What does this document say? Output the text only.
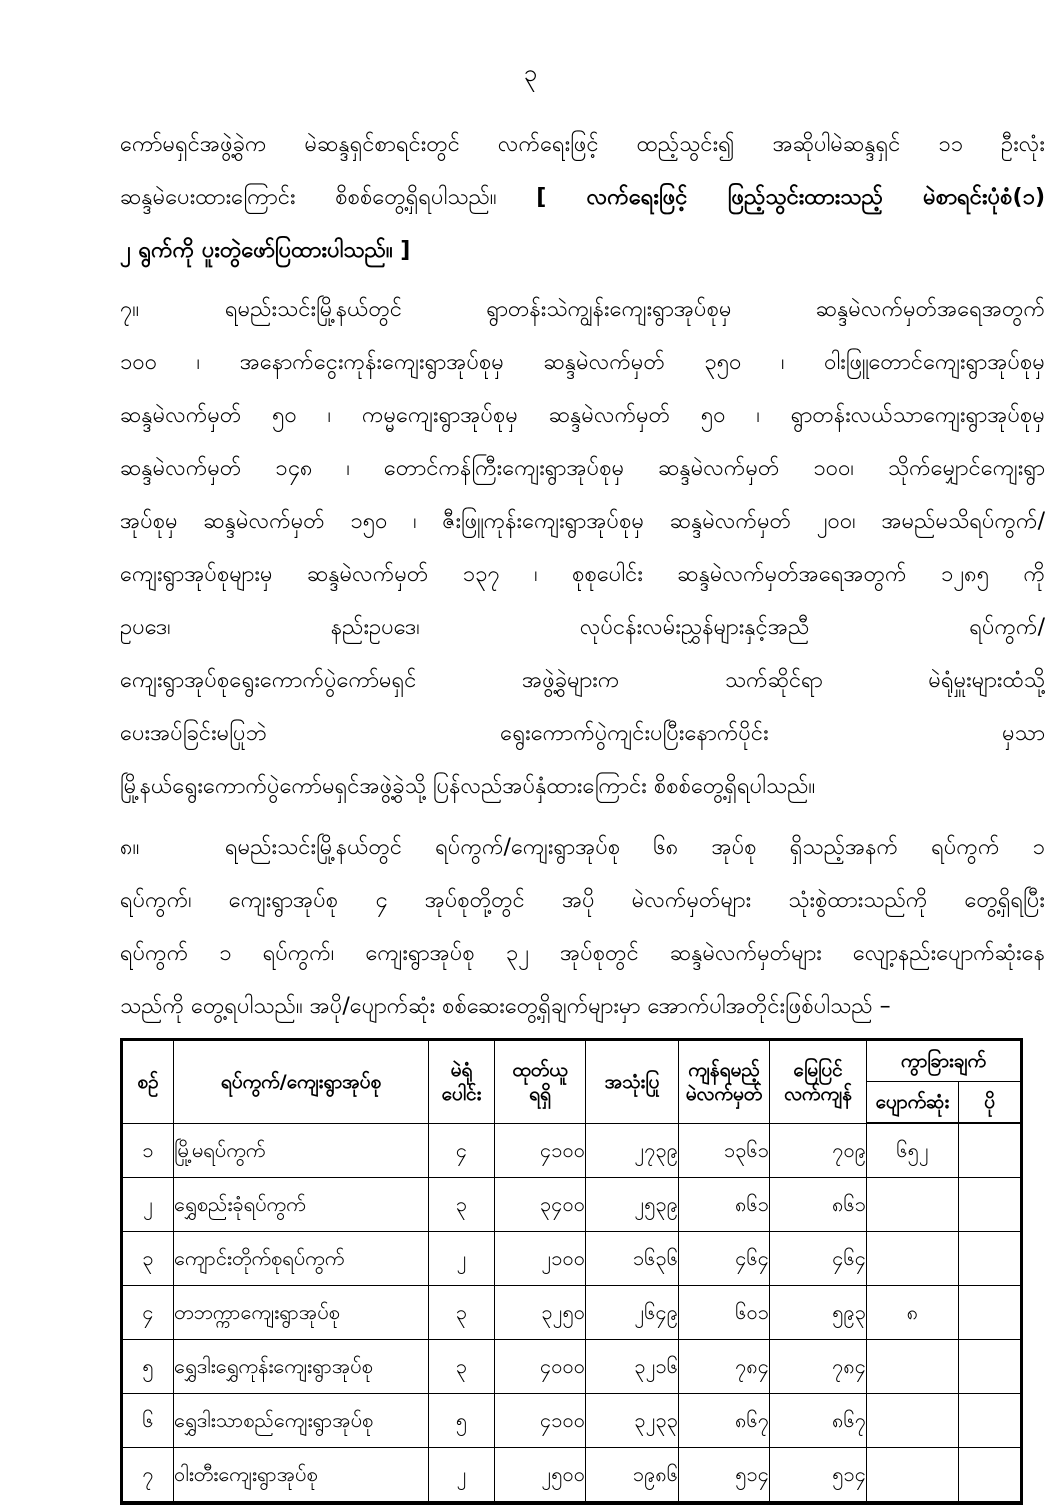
၃
ကော်မရှင်အဖွဲ့ခွဲက မဲဆန္ဒရှင်စာရင်းတွင် လက်ရေးဖြင့် ထည့်သွင်း၍ အဆိုပါမဲဆန္ဒရှင် ၁၁ ဦးလုံး
ဆန္ဒမဲပေးထားကြောင်း စိစစ်တွေ့ရှိရပါသည်။ [ လက်ရေးဖြင့် ဖြည့်သွင်းထားသည့် မဲစာရင်းပုံစံ(၁)
၂ ရွက်ကို ပူးတွဲဖော်ပြထားပါသည်။ ]
၇။	ရမည်းသင်းမြို့နယ်တွင် ရွာတန်းသဲကျွန်းကျေးရွာအုပ်စုမှ ဆန္ဒမဲလက်မှတ်အရေအတွက်
၁၀၀ ၊ အနောက်ငွေးကုန်းကျေးရွာအုပ်စုမှ ဆန္ဒမဲလက်မှတ် ၃၅၀ ၊ ဝါးဖြူတောင်ကျေးရွာအုပ်စုမှ
ဆန္ဒမဲလက်မှတ် ၅၀ ၊ ကမ္မကျေးရွာအုပ်စုမှ ဆန္ဒမဲလက်မှတ် ၅၀ ၊ ရွာတန်းလယ်သာကျေးရွာအုပ်စုမှ
ဆန္ဒမဲလက်မှတ် ၁၄၈ ၊ တောင်ကန်ကြီးကျေးရွာအုပ်စုမှ ဆန္ဒမဲလက်မှတ် ၁၀၀၊ သိုက်မျှောင်ကျေးရွာ
အုပ်စုမှ ဆန္ဒမဲလက်မှတ် ၁၅၀ ၊ ဇီးဖြူကုန်းကျေးရွာအုပ်စုမှ ဆန္ဒမဲလက်မှတ် ၂၀၀၊ အမည်မသိရပ်ကွက်/
ကျေးရွာအုပ်စုများမှ ဆန္ဒမဲလက်မှတ် ၁၃၇ ၊ စုစုပေါင်း ဆန္ဒမဲလက်မှတ်အရေအတွက် ၁၂၈၅ ကို
ဥပဒေ၊ နည်းဥပဒေ၊ လုပ်ငန်းလမ်းညွှန်များနှင့်အညီ ရပ်ကွက်/
ကျေးရွာအုပ်စုရွေးကောက်ပွဲကော်မရှင် အဖွဲ့ခွဲများက သက်ဆိုင်ရာ မဲရုံမှူးများထံသို့
ပေးအပ်ခြင်းမပြုဘဲ ရွေးကောက်ပွဲကျင်းပပြီးနောက်ပိုင်း မှသာ
မြို့နယ်ရွေးကောက်ပွဲကော်မရှင်အဖွဲ့ခွဲသို့ ပြန်လည်အပ်နှံထားကြောင်း စိစစ်တွေ့ရှိရပါသည်။
၈။	ရမည်းသင်းမြို့နယ်တွင် ရပ်ကွက်/ကျေးရွာအုပ်စု ၆၈ အုပ်စု ရှိသည့်အနက် ရပ်ကွက် ၁
ရပ်ကွက်၊ ကျေးရွာအုပ်စု ၄ အုပ်စုတို့တွင် အပို မဲလက်မှတ်များ သုံးစွဲထားသည်ကို တွေ့ရှိရပြီး
ရပ်ကွက် ၁ ရပ်ကွက်၊ ကျေးရွာအုပ်စု ၃၂ အုပ်စုတွင် ဆန္ဒမဲလက်မှတ်များ လျော့နည်းပျောက်ဆုံးနေ
သည်ကို တွေ့ရပါသည်။ အပို/ပျောက်ဆုံး စစ်ဆေးတွေ့ရှိချက်များမှာ အောက်ပါအတိုင်းဖြစ်ပါသည် –
စဉ်	ရပ်ကွက်/ကျေးရွာအုပ်စု	
မဲရုံ
ပေါင်း

ထုတ်ယူ
ရရှိ
	အသုံးပြု	
ကျန်ရမည့်
မဲလက်မှတ်

မြေပြင်
လက်ကျန်
	ကွာခြားချက်
							ပျောက်ဆုံး	ပို
၁	မြို့မရပ်ကွက်	၄	၄၁၀၀	၂၇၃၉	၁၃၆၁	၇၀၉	၆၅၂	
၂	ရွှေစည်းခုံရပ်ကွက်	၃	၃၄၀၀	၂၅၃၉	၈၆၁	၈၆၁		
၃	ကျောင်းတိုက်စုရပ်ကွက်	၂	၂၁၀၀	၁၆၃၆	၄၆၄	၄၆၄		
၄	တဘက္ကာကျေးရွာအုပ်စု	၃	၃၂၅၀	၂၆၄၉	၆၀၁	၅၉၃	၈	
၅	ရွှေဒါးရွှေကုန်းကျေးရွာအုပ်စု	၃	၄၀၀၀	၃၂၁၆	၇၈၄	၇၈၄		
၆	ရွှေဒါးသာစည်ကျေးရွာအုပ်စု	၅	၄၁၀၀	၃၂၃၃	၈၆၇	၈၆၇		
၇	ဝါးတီးကျေးရွာအုပ်စု	၂	၂၅၀၀	၁၉၈၆	၅၁၄	၅၁၄		
